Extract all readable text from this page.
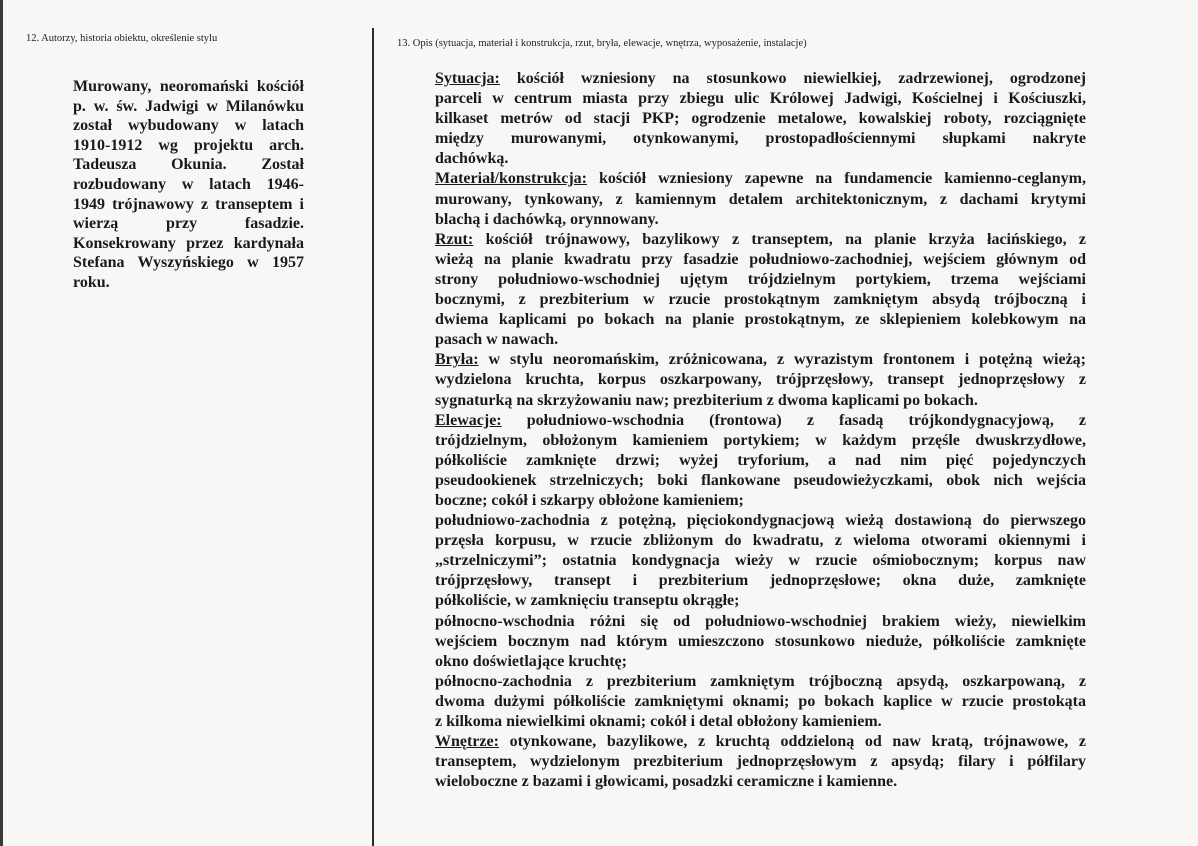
12. Autorzy, historia obiektu, określenie stylu	13. Opis (sytuacja, materiał i konstrukcja, rzut, bryła, elewacje, wnętrza, wyposażenie, instalacje)
Murowany, neoromański kościół
p. w. św. Jadwigi w Milanówku
został wybudowany w latach
1910-1912 wg projektu arch.
Tadeusza Okunia. Został
rozbudowany w latach 1946-
1949 trójnawowy z transeptem i
wierzą przy fasadzie.
Konsekrowany przez kardynała
Stefana Wyszyńskiego w 1957
roku.
Sytuacja: kościół wzniesiony na stosunkowo niewielkiej, zadrzewionej, ogrodzonej
parceli w centrum miasta przy zbiegu ulic Królowej Jadwigi, Kościelnej i Kościuszki,
kilkaset metrów od stacji PKP; ogrodzenie metalowe, kowalskiej roboty, rozciągnięte
między murowanymi, otynkowanymi, prostopadłościennymi słupkami nakryte
dachówką.
Materiał/konstrukcja: kościół wzniesiony zapewne na fundamencie kamienno-ceglanym,
murowany, tynkowany, z kamiennym detalem architektonicznym, z dachami krytymi
blachą i dachówką, orynnowany.
Rzut: kościół trójnawowy, bazylikowy z transeptem, na planie krzyża łacińskiego, z
wieżą na planie kwadratu przy fasadzie południowo-zachodniej, wejściem głównym od
strony południowo-wschodniej ujętym trójdzielnym portykiem, trzema wejściami
bocznymi, z prezbiterium w rzucie prostokątnym zamkniętym absydą trójboczną i
dwiema kaplicami po bokach na planie prostokątnym, ze sklepieniem kolebkowym na
pasach w nawach.
Bryła: w stylu neoromańskim, zróżnicowana, z wyrazistym frontonem i potężną wieżą;
wydzielona kruchta, korpus oszkarpowany, trójprzęsłowy, transept jednoprzęsłowy z
sygnaturką na skrzyżowaniu naw; prezbiterium z dwoma kaplicami po bokach.
Elewacje: południowo-wschodnia (frontowa) z fasadą trójkondygnacyjową, z
trójdzielnym, obłożonym kamieniem portykiem; w każdym przęśle dwuskrzydłowe,
półkoliście zamknięte drzwi; wyżej tryforium, a nad nim pięć pojedynczych
pseudookienek strzelniczych; boki flankowane pseudowieżyczkami, obok nich wejścia
boczne; cokół i szkarpy obłożone kamieniem;
południowo-zachodnia z potężną, pięciokondygnacjową wieżą dostawioną do pierwszego
przęsła korpusu, w rzucie zbliżonym do kwadratu, z wieloma otworami okiennymi i
„strzelniczymi”; ostatnia kondygnacja wieży w rzucie ośmiobocznym; korpus naw
trójprzęsłowy, transept i prezbiterium jednoprzęsłowe; okna duże, zamknięte
półkoliście, w zamknięciu transeptu okrągłe;
północno-wschodnia różni się od południowo-wschodniej brakiem wieży, niewielkim
wejściem bocznym nad którym umieszczono stosunkowo nieduże, półkoliście zamknięte
okno doświetlające kruchtę;
północno-zachodnia z prezbiterium zamkniętym trójboczną apsydą, oszkarpowaną, z
dwoma dużymi półkoliście zamkniętymi oknami; po bokach kaplice w rzucie prostokąta
z kilkoma niewielkimi oknami; cokół i detal obłożony kamieniem.
Wnętrze: otynkowane, bazylikowe, z kruchtą oddzieloną od naw kratą, trójnawowe, z
transeptem, wydzielonym prezbiterium jednoprzęsłowym z apsydą; filary i półfilary
wieloboczne z bazami i głowicami, posadzki ceramiczne i kamienne.
